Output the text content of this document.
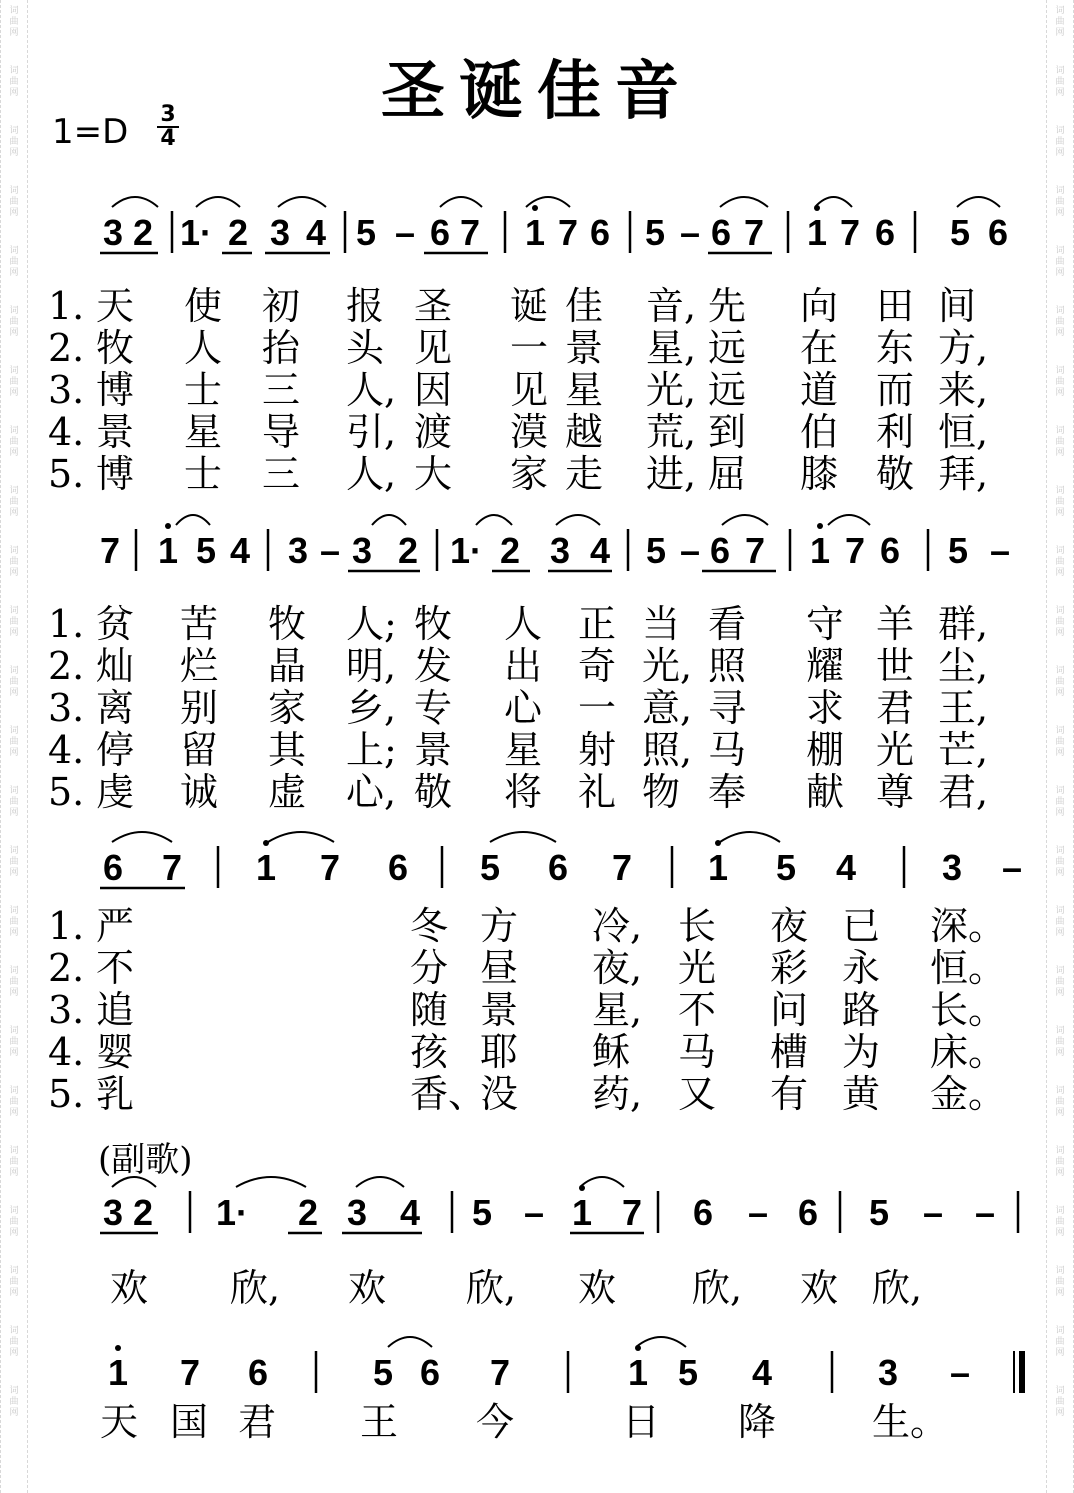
词
曲
网
词
曲
网
词
曲
网
词
曲
网
词
曲
网
词
曲
网
词
曲
网
词
曲
网
词
曲
网
词
曲
网
词
曲
网
词
曲
网
词
曲
网
词
曲
网
词
曲
网
词
曲
网
词
曲
网
词
曲
网
词
曲
网
词
曲
网
词
曲
网
词
曲
网
词
曲
网
词
曲
网
词
曲
网
词
曲
网
词
曲
网
词
曲
网
词
曲
网
词
曲
网
词
曲
网
词
曲
网
词
曲
网
词
曲
网
词
曲
网
词
曲
网
词
曲
网
词
曲
网
词
曲
网
词
曲
网
词
曲
网
词
曲
网
词
曲
网
词
曲
网
词
曲
网
词
曲
网
词
曲
网
词
曲
网
圣诞佳音
1=D 3
4
3 2 1· 2 3 4 5 – 6 7 1 7 6 5 – 6 7 1 7 6 5 6
1. 天 使 初 报 圣 诞 佳 音, 先 向 田 间
2. 牧 人 抬 头 见 一 景 星, 远 在 东 方,
3. 博 士 三 人, 因 见 星 光, 远 道 而 来,
4. 景 星 导 引, 渡 漠 越 荒, 到 伯 利 恒,
5. 博 士 三 人, 大 家 走 进, 屈 膝 敬 拜,
7 1 5 4 3 – 3 2 1· 2 3 4 5 – 6 7 1 7 6 5 –
1. 贫 苦 牧 人; 牧 人 正 当 看 守 羊 群,
2. 灿 烂 晶 明, 发 出 奇 光, 照 耀 世 尘,
3. 离 别 家 乡, 专 心 一 意, 寻 求 君 王,
4. 停 留 其 上; 景 星 射 照, 马 棚 光 芒,
5. 虔 诚 虚 心, 敬 将 礼 物 奉 献 尊 君,
6 7 1 7 6 5 6 7 1 5 4 3 –
1. 严	冬 方 冷, 长 夜 已 深。
2. 不	分 昼 夜, 光 彩 永 恒。
3. 追	随 景 星, 不 问 路 长。
4. 婴	孩 耶 稣 马 槽 为 床。
5. 乳	香、
没 药, 又 有 黄 金。
(副歌)
3 2 1· 2 3 4 5 – 1 7 6 – 6 5 – –
欢 欣, 欢 欣, 欢 欣, 欢 欣,
1 7 6	5 6 7	1 5 4	3 –
天 国 君 王 今	日 降	生。
